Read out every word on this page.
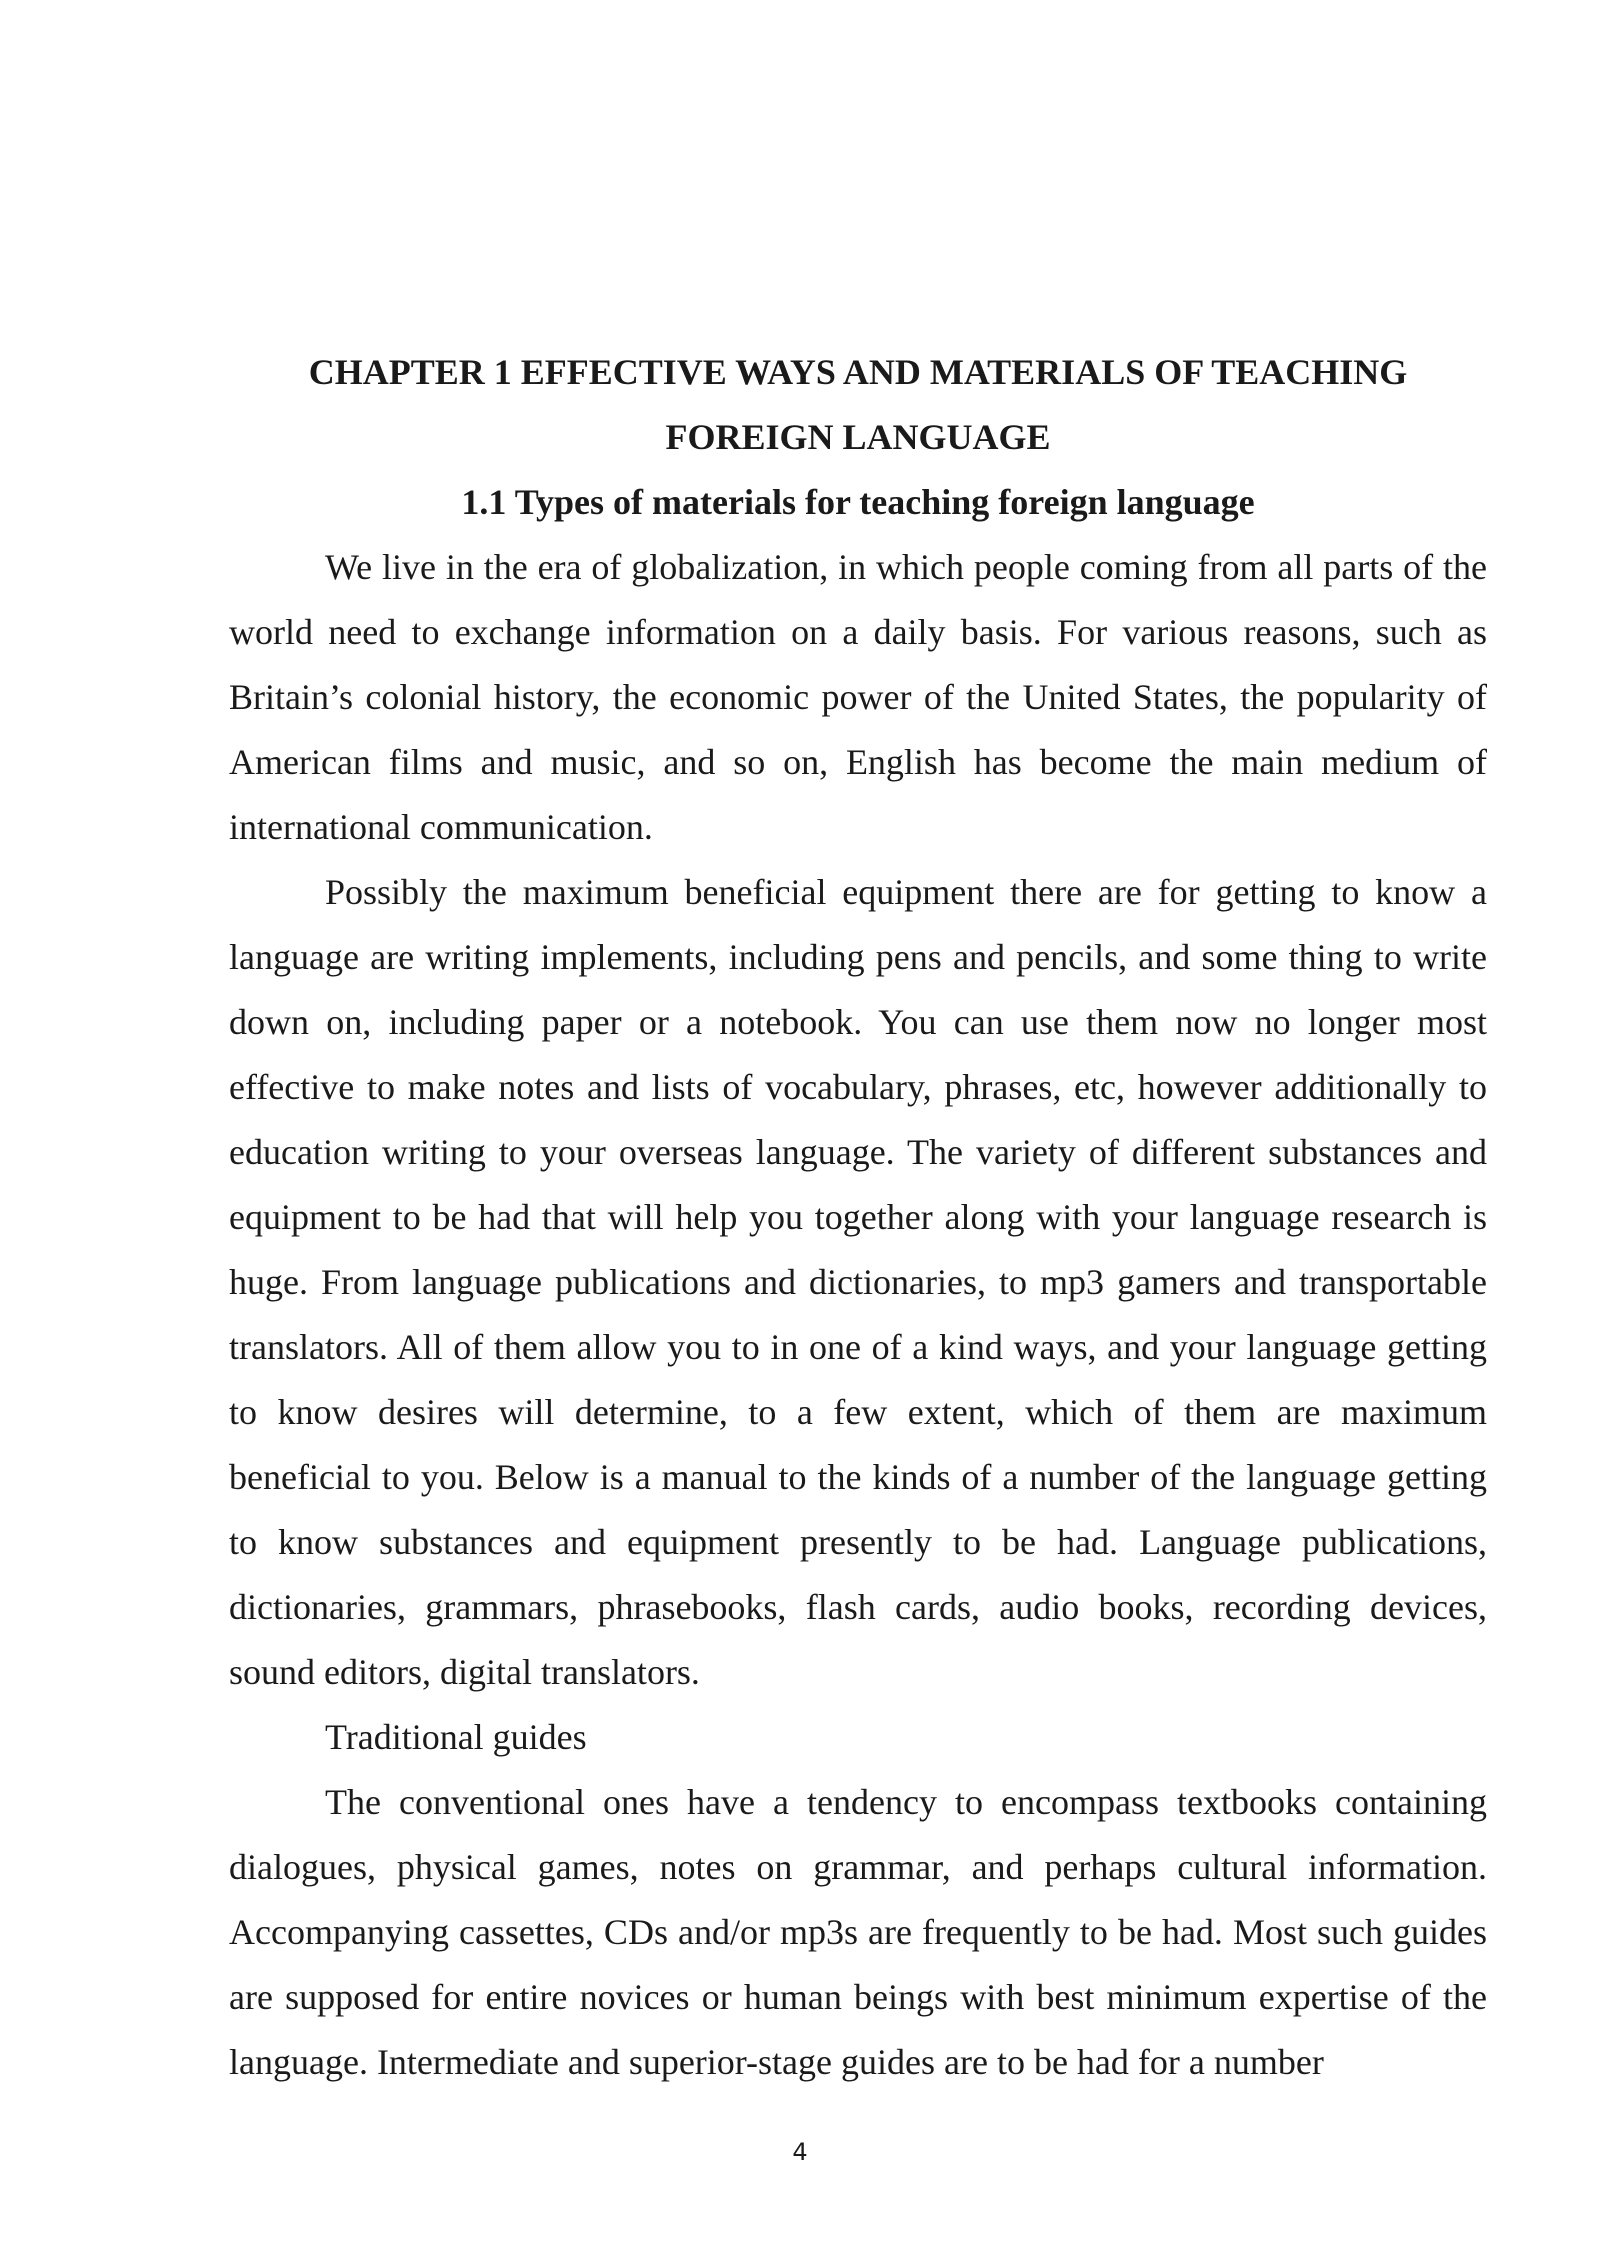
CHAPTER 1 EFFECTIVE WAYS AND MATERIALS OF TEACHING

FOREIGN LANGUAGE

1.1 Types of materials for teaching foreign language

We live in the era of globalization, in which people coming from all parts of the world need to exchange information on a daily basis. For various reasons, such as Britain’s colonial history, the economic power of the United States, the popularity of American films and music, and so on, English has become the main medium of international communication.

Possibly the maximum beneficial equipment there are for getting to know a language are writing implements, including pens and pencils, and some thing to write down on, including paper or a notebook. You can use them now no longer most effective to make notes and lists of vocabulary, phrases, etc, however additionally to education writing to your overseas language. The variety of different substances and equipment to be had that will help you together along with your language research is huge. From language publications and dictionaries, to mp3 gamers and transportable translators. All of them allow you to in one of a kind ways, and your language getting to know desires will determine, to a few extent, which of them are maximum beneficial to you. Below is a manual to the kinds of a number of the language getting to know substances and equipment presently to be had. Language publications, dictionaries, grammars, phrasebooks, flash cards, audio books, recording devices, sound editors, digital translators.

Traditional guides

The conventional ones have a tendency to encompass textbooks containing dialogues, physical games, notes on grammar, and perhaps cultural information. Accompanying cassettes, CDs and/or mp3s are frequently to be had. Most such guides are supposed for entire novices or human beings with best minimum expertise of the language. Intermediate and superior-stage guides are to be had for a number

4
